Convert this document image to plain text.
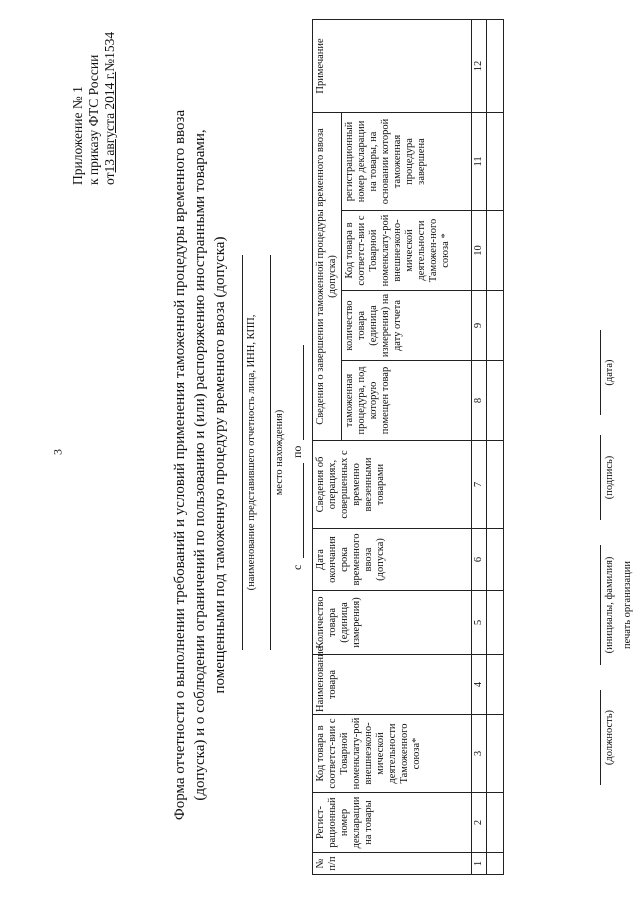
3
Приложение № 1 к приказу ФТС России от13 августа 2014 г.№1534
Форма отчетности о выполнении требований и условий применения таможенной процедуры временного ввоза (допуска) и о соблюдении ограничений по пользованию и (или) распоряжению иностранными товарами, помещенными под таможенную процедуру временного ввоза (допуска) (наименование представившего отчетность лица, ИНН, КПП, место нахождения)
с
по
№ п/п	Регист-рационный номер декларации на товары	Код товара в соответст-вии с Товарной номенклату-рой внешнеэконо-мической деятельности Таможенного союза*	Наименование товара	Количество товара (единица измерения)	Дата окончания срока временного ввоза (допуска)	Сведения об операциях, совершенных с временно ввезенными товарами	Сведения о завершении таможенной процедуры временного ввоза (допуска)				Примечание
							таможенная процедура, под которую помещен товар	количество товара (единица измерения) на дату отчета	Код товара в соответст-вии с Товарной номенклату-рой внешнеэконо-мической деятельности Таможен-ного союза *	регистрационный номер декларации на товары, на основании которой таможенная процедура завершена	
1	2	3	4	5	6	7	8	9	10	11	12

(должность)
(инициалы, фамилия)
(подпись)
(дата)
печать организации
